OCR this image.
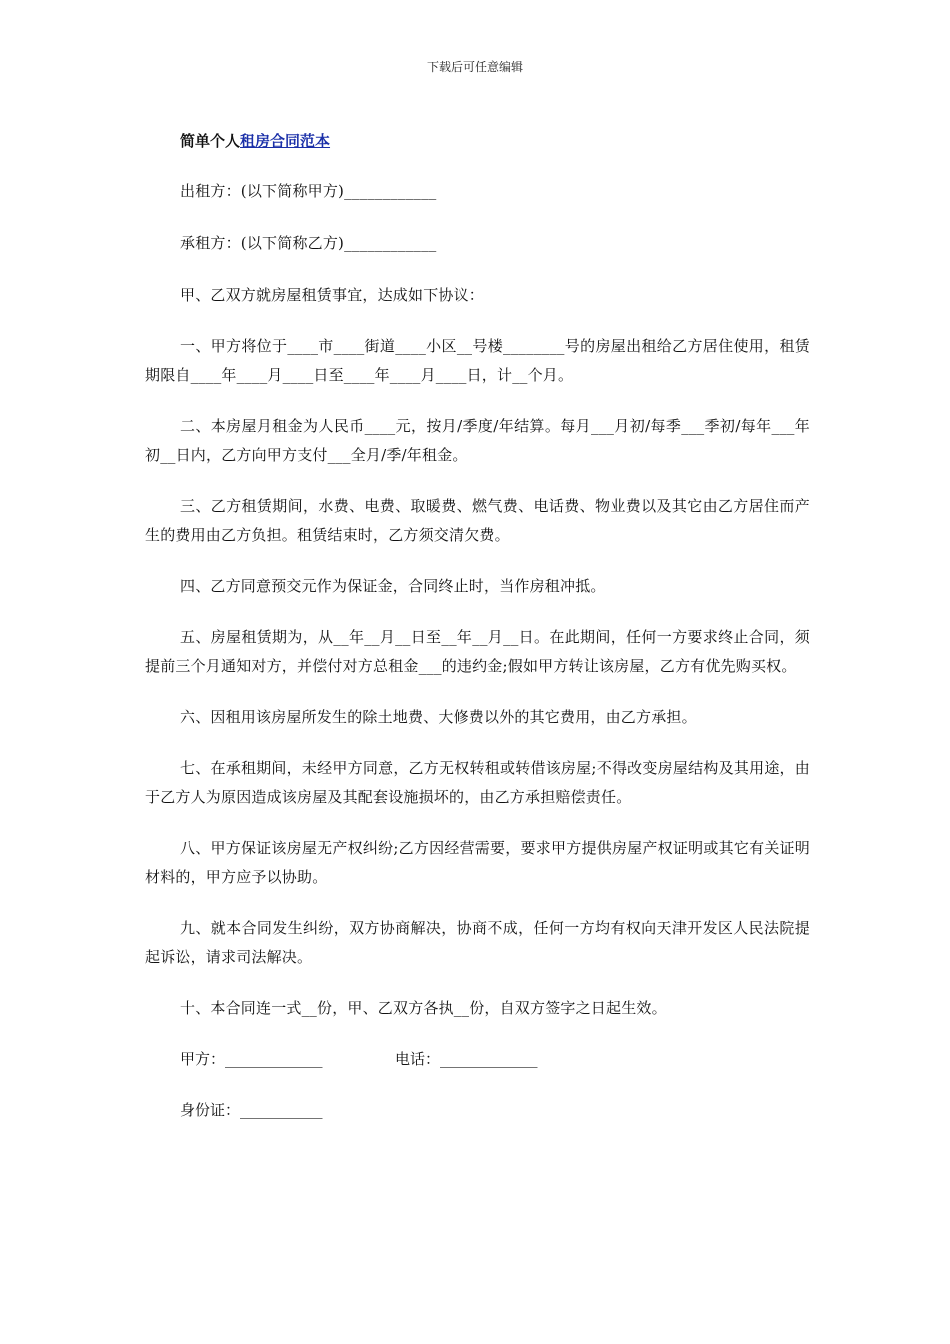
下载后可任意编辑
简单个人租房合同范本

出租方：(以下简称甲方)____________

承租方：(以下简称乙方)____________

甲、乙双方就房屋租赁事宜，达成如下协议：

一、甲方将位于____市____街道____小区__号楼________号的房屋出租给乙方居住使用，租赁期限自____年____月____日至____年____月____日，计__个月。

二、本房屋月租金为人民币____元，按月/季度/年结算。每月___月初/每季___季初/每年___年初__日内，乙方向甲方支付___全月/季/年租金。

三、乙方租赁期间，水费、电费、取暖费、燃气费、电话费、物业费以及其它由乙方居住而产生的费用由乙方负担。租赁结束时，乙方须交清欠费。

四、乙方同意预交元作为保证金，合同终止时，当作房租冲抵。

五、房屋租赁期为，从__年__月__日至__年__月__日。在此期间，任何一方要求终止合同，须提前三个月通知对方，并偿付对方总租金___的违约金;假如甲方转让该房屋，乙方有优先购买权。

六、因租用该房屋所发生的除土地费、大修费以外的其它费用，由乙方承担。

七、在承租期间，未经甲方同意，乙方无权转租或转借该房屋;不得改变房屋结构及其用途，由于乙方人为原因造成该房屋及其配套设施损坏的，由乙方承担赔偿责任。

八、甲方保证该房屋无产权纠纷;乙方因经营需要，要求甲方提供房屋产权证明或其它有关证明材料的，甲方应予以协助。

九、就本合同发生纠纷，双方协商解决，协商不成，任何一方均有权向天津开发区人民法院提起诉讼，请求司法解决。

十、本合同连一式__份，甲、乙双方各执__份，自双方签字之日起生效。

甲方：_____________	电话：_____________
身份证：___________
